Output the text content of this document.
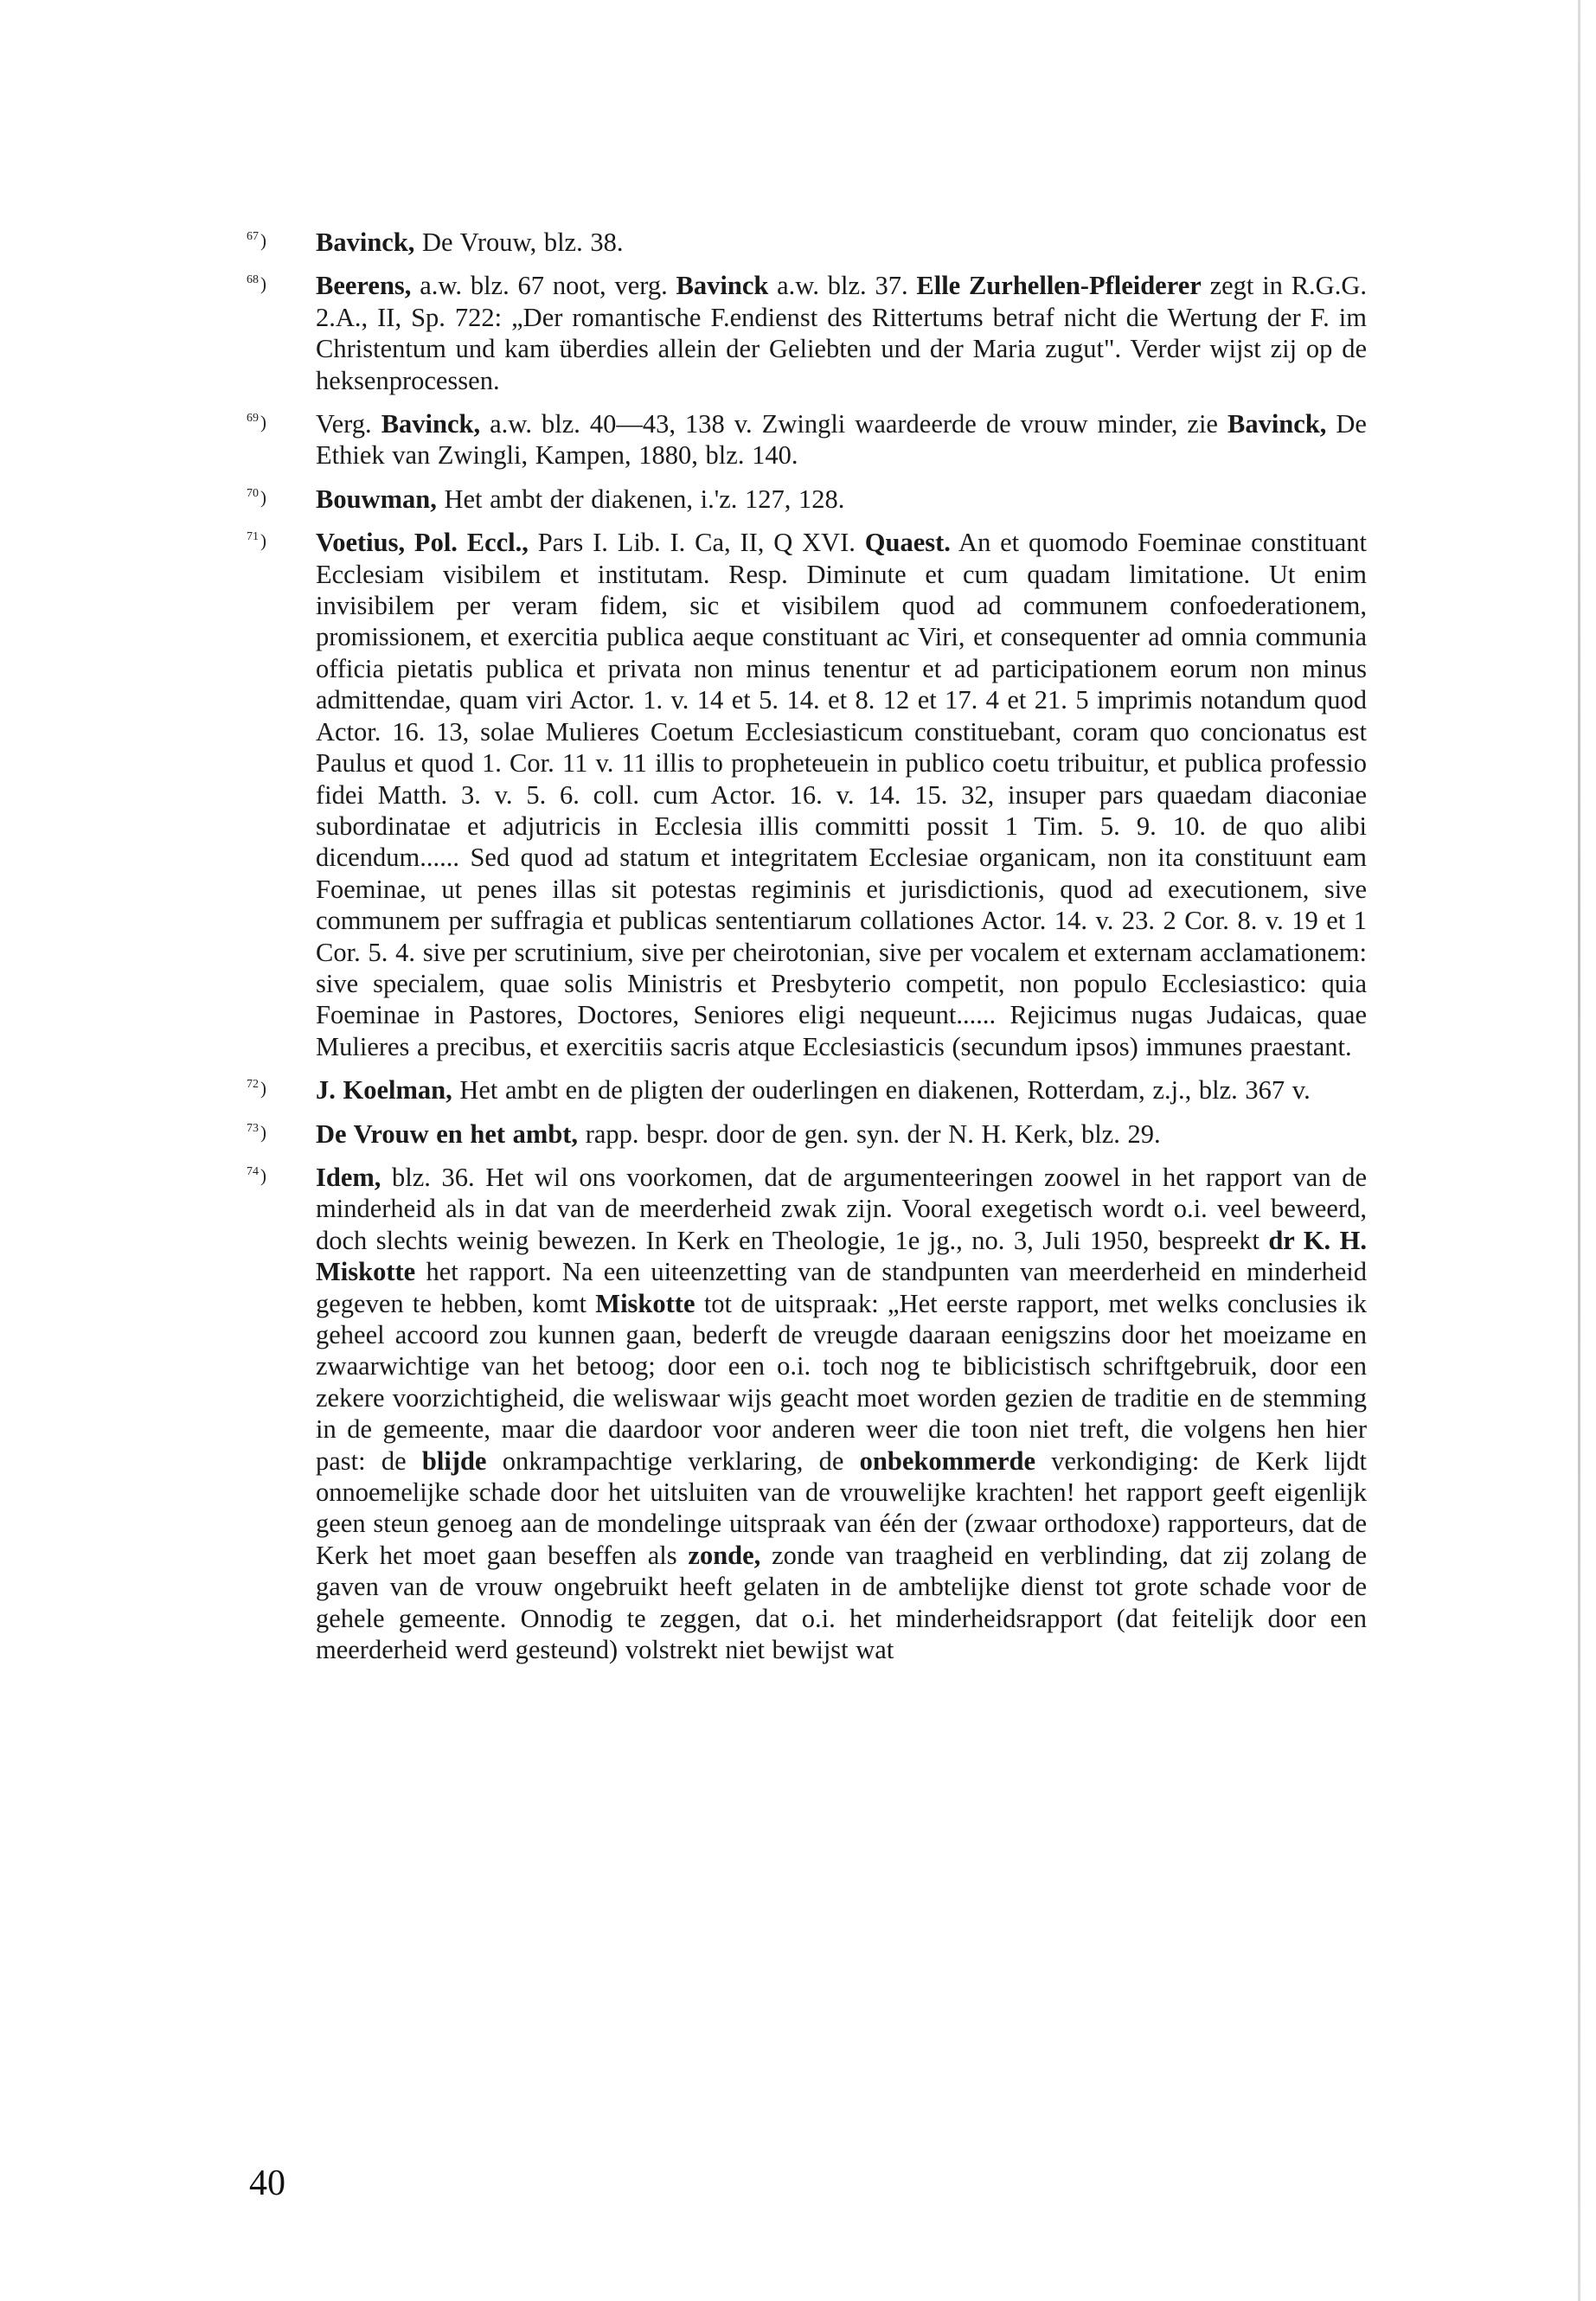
$^{67}$) Bavinck, De Vrouw, blz. 38.
$^{68}$) Beerens, a.w. blz. 67 noot, verg. Bavinck a.w. blz. 37. Elle Zurhellen-Pfleiderer zegt in R.G.G. 2.A., II, Sp. 722: „Der romantische F.endienst des Rittertums betraf nicht die Wertung der F. im Christentum und kam überdies allein der Geliebten und der Maria zugut". Verder wijst zij op de heksenprocessen.
$^{69}$) Verg. Bavinck, a.w. blz. 40—43, 138 v. Zwingli waardeerde de vrouw minder, zie Bavinck, De Ethiek van Zwingli, Kampen, 1880, blz. 140.
$^{70}$) Bouwman, Het ambt der diakenen, i.'z. 127, 128.
$^{71}$) Voetius, Pol. Eccl., Pars I. Lib. I. Ca, II, Q XVI. Quaest. An et quomodo Foeminae constituant Ecclesiam visibilem et institutam. Resp. Diminute et cum quadam limitatione. Ut enim invisibilem per veram fidem, sic et visibilem quod ad communem confoederationem, promissionem, et exercitia publica aeque constituant ac Viri, et consequenter ad omnia communia officia pietatis publica et privata non minus tenentur et ad participationem eorum non minus admittendae, quam viri Actor. 1. v. 14 et 5. 14. et 8. 12 et 17. 4 et 21. 5 imprimis notandum quod Actor. 16. 13, solae Mulieres Coetum Ecclesiasticum constituebant, coram quo concionatus est Paulus et quod 1. Cor. 11 v. 11 illis to propheteuein in publico coetu tribuitur, et publica professio fidei Matth. 3. v. 5. 6. coll. cum Actor. 16. v. 14. 15. 32, insuper pars quaedam diaconiae subordinatae et adjutricis in Ecclesia illis committi possit 1 Tim. 5. 9. 10. de quo alibi dicendum...... Sed quod ad statum et integritatem Ecclesiae organicam, non ita constituunt eam Foeminae, ut penes illas sit potestas regiminis et jurisdictionis, quod ad executionem, sive communem per suffragia et publicas sententiarum collationes Actor. 14. v. 23. 2 Cor. 8. v. 19 et 1 Cor. 5. 4. sive per scrutinium, sive per cheirotonian, sive per vocalem et externam acclamationem: sive specialem, quae solis Ministris et Presbyterio competit, non populo Ecclesiastico: quia Foeminae in Pastores, Doctores, Seniores eligi nequeunt...... Rejicimus nugas Judaicas, quae Mulieres a precibus, et exercitiis sacris atque Ecclesiasticis (secundum ipsos) immunes praestant.
$^{72}$) J. Koelman, Het ambt en de pligten der ouderlingen en diakenen, Rotterdam, z.j., blz. 367 v.
$^{73}$) De Vrouw en het ambt, rapp. bespr. door de gen. syn. der N. H. Kerk, blz. 29.
$^{74}$) Idem, blz. 36. Het wil ons voorkomen, dat de argumenteeringen zoowel in het rapport van de minderheid als in dat van de meerderheid zwak zijn. Vooral exegetisch wordt o.i. veel beweerd, doch slechts weinig bewezen. In Kerk en Theologie, 1e jg., no. 3, Juli 1950, bespreekt dr K. H. Miskotte het rapport. Na een uiteenzetting van de standpunten van meerderheid en minderheid gegeven te hebben, komt Miskotte tot de uitspraak: „Het eerste rapport, met welks conclusies ik geheel accoord zou kunnen gaan, bederft de vreugde daaraan eenigszins door het moeizame en zwaarwichtige van het betoog; door een o.i. toch nog te biblicistisch schriftgebruik, door een zekere voorzichtigheid, die weliswaar wijs geacht moet worden gezien de traditie en de stemming in de gemeente, maar die daardoor voor anderen weer die toon niet treft, die volgens hen hier past: de blijde onkrampachtige verklaring, de onbekommerde verkondiging: de Kerk lijdt onnoemelijke schade door het uitsluiten van de vrouwelijke krachten! het rapport geeft eigenlijk geen steun genoeg aan de mondelinge uitspraak van één der (zwaar orthodoxe) rapporteurs, dat de Kerk het moet gaan beseffen als zonde, zonde van traagheid en verblinding, dat zij zolang de gaven van de vrouw ongebruikt heeft gelaten in de ambtelijke dienst tot grote schade voor de gehele gemeente. Onnodig te zeggen, dat o.i. het minderheidsrapport (dat feitelijk door een meerderheid werd gesteund) volstrekt niet bewijst wat
40
